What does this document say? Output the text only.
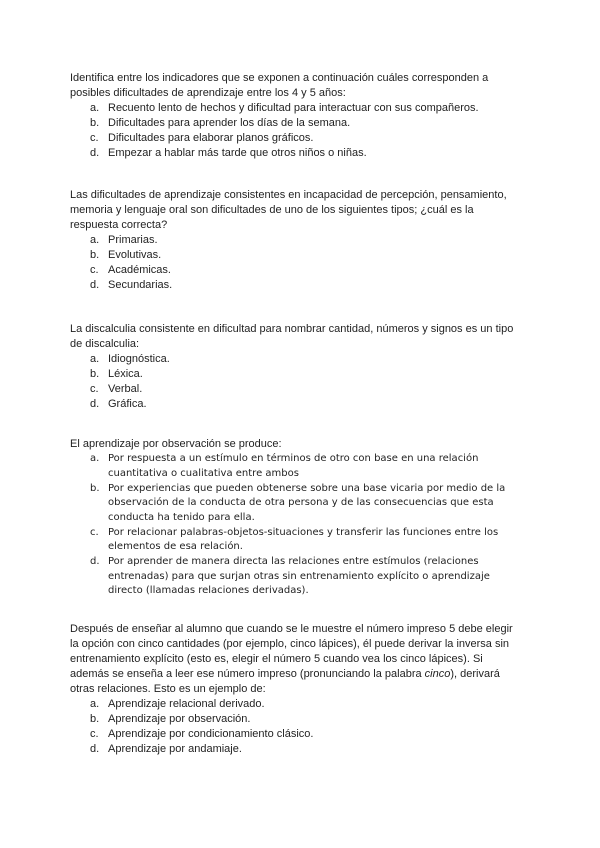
Identifica entre los indicadores que se exponen a continuación cuáles corresponden a posibles dificultades de aprendizaje entre los 4 y 5 años:

a. Recuento lento de hechos y dificultad para interactuar con sus compañeros.
b. Dificultades para aprender los días de la semana.
c. Dificultades para elaborar planos gráficos.
d. Empezar a hablar más tarde que otros niños o niñas.

Las dificultades de aprendizaje consistentes en incapacidad de percepción, pensamiento, memoria y lenguaje oral son dificultades de uno de los siguientes tipos; ¿cuál es la respuesta correcta?

a. Primarias.
b. Evolutivas.
c. Académicas.
d. Secundarias.

La discalculia consistente en dificultad para nombrar cantidad, números y signos es un tipo de discalculia:

a. Idiognóstica.
b. Léxica.
c. Verbal.
d. Gráfica.

El aprendizaje por observación se produce:

a. Por respuesta a un estímulo en términos de otro con base en una relación cuantitativa o cualitativa entre ambos
b. Por experiencias que pueden obtenerse sobre una base vicaria por medio de la observación de la conducta de otra persona y de las consecuencias que esta conducta ha tenido para ella.
c. Por relacionar palabras-objetos-situaciones y transferir las funciones entre los elementos de esa relación.
d. Por aprender de manera directa las relaciones entre estímulos (relaciones entrenadas) para que surjan otras sin entrenamiento explícito o aprendizaje directo (llamadas relaciones derivadas).

Después de enseñar al alumno que cuando se le muestre el número impreso 5 debe elegir la opción con cinco cantidades (por ejemplo, cinco lápices), él puede derivar la inversa sin entrenamiento explícito (esto es, elegir el número 5 cuando vea los cinco lápices). Si además se enseña a leer ese número impreso (pronunciando la palabra cinco), derivará otras relaciones. Esto es un ejemplo de:

a. Aprendizaje relacional derivado.
b. Aprendizaje por observación.
c. Aprendizaje por condicionamiento clásico.
d. Aprendizaje por andamiaje.
